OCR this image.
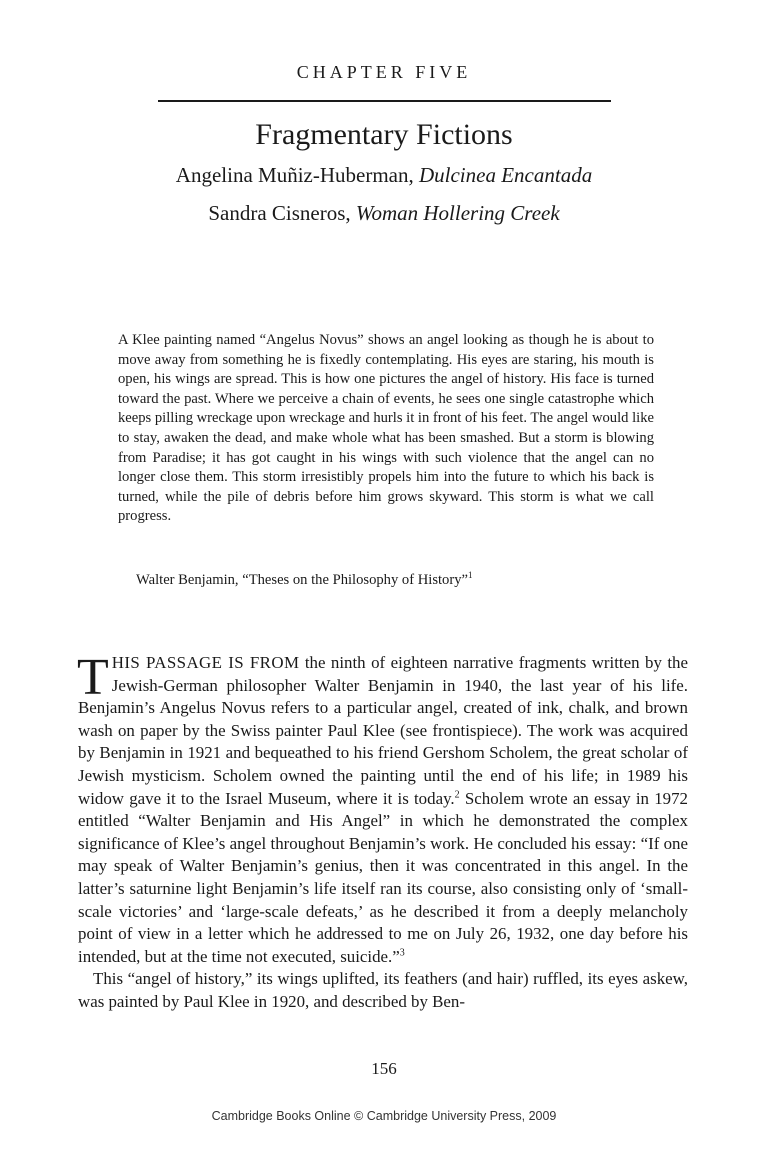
CHAPTER FIVE
Fragmentary Fictions
Angelina Muñiz-Huberman, Dulcinea Encantada
Sandra Cisneros, Woman Hollering Creek
A Klee painting named “Angelus Novus” shows an angel looking as though he is about to move away from something he is fixedly contemplating. His eyes are staring, his mouth is open, his wings are spread. This is how one pictures the angel of history. His face is turned toward the past. Where we perceive a chain of events, he sees one single catastrophe which keeps pilling wreckage upon wreckage and hurls it in front of his feet. The angel would like to stay, awaken the dead, and make whole what has been smashed. But a storm is blowing from Paradise; it has got caught in his wings with such violence that the angel can no longer close them. This storm irresistibly propels him into the future to which his back is turned, while the pile of debris before him grows skyward. This storm is what we call progress.
Walter Benjamin, “Theses on the Philosophy of History”$^1$

THIS PASSAGE IS FROM the ninth of eighteen narrative fragments written by the Jewish-German philosopher Walter Benjamin in 1940, the last year of his life. Benjamin’s Angelus Novus refers to a particular angel, created of ink, chalk, and brown wash on paper by the Swiss painter Paul Klee (see frontispiece). The work was acquired by Benjamin in 1921 and bequeathed to his friend Gershom Scholem, the great scholar of Jewish mysticism. Scholem owned the painting until the end of his life; in 1989 his widow gave it to the Israel Museum, where it is today.$^2$ Scholem wrote an essay in 1972 entitled “Walter Benjamin and His Angel” in which he demonstrated the complex significance of Klee’s angel throughout Benjamin’s work. He concluded his essay: “If one may speak of Walter Benjamin’s genius, then it was concentrated in this angel. In the latter’s saturnine light Benjamin’s life itself ran its course, also consisting only of ‘small-scale victories’ and ‘large-scale defeats,’ as he described it from a deeply melancholy point of view in a letter which he addressed to me on July 26, 1932, one day before his intended, but at the time not executed, suicide.”$^3$

This “angel of history,” its wings uplifted, its feathers (and hair) ruffled, its eyes askew, was painted by Paul Klee in 1920, and described by Ben-

156
Cambridge Books Online © Cambridge University Press, 2009
